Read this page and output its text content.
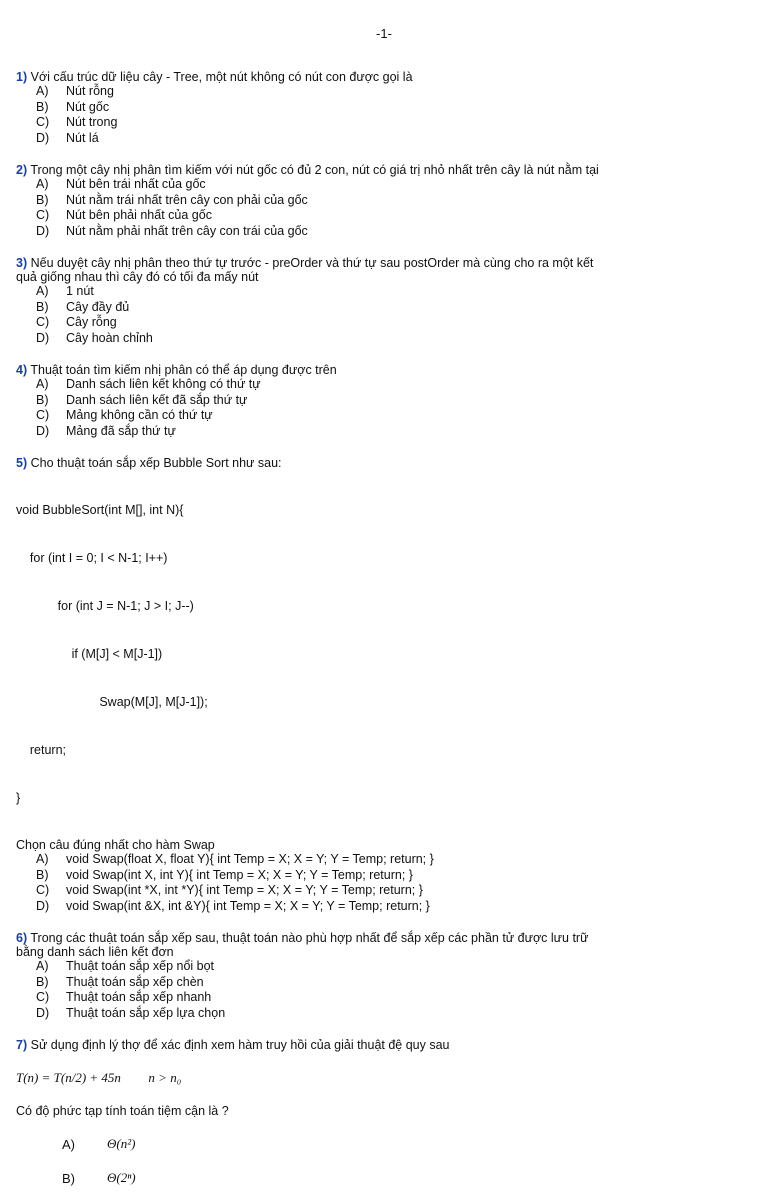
-1-
1) Với cấu trúc dữ liệu cây - Tree, một nút không có nút con được gọi là
A) Nút rỗng
B) Nút gốc
C) Nút trong
D) Nút lá
2) Trong một cây nhị phân tìm kiếm với nút gốc có đủ 2 con, nút có giá trị nhỏ nhất trên cây là nút nằm tại
A) Nút bên trái nhất của gốc
B) Nút nằm trái nhất trên cây con phải của gốc
C) Nút bên phải nhất của gốc
D) Nút nằm phải nhất trên cây con trái của gốc
3) Nếu duyệt cây nhị phân theo thứ tự trước - preOrder và thứ tự sau postOrder mà cùng cho ra một kết
quả giống nhau thì cây đó có tối đa mấy nút
A) 1 nút
B) Cây đầy đủ
C) Cây rỗng
D) Cây hoàn chỉnh
4) Thuật toán tìm kiếm nhị phân có thể áp dụng được trên
A) Danh sách liên kết không có thứ tự
B) Danh sách liên kết đã sắp thứ tự
C) Mảng không cần có thứ tự
D) Mảng đã sắp thứ tự
5) Cho thuật toán sắp xếp Bubble Sort như sau:

void BubbleSort(int M[], int N){

for (int I = 0; I < N-1; I++)

for (int J = N-1; J > I; J--)

if (M[J] < M[J-1])

Swap(M[J], M[J-1]);

return;

}

Chọn câu đúng nhất cho hàm Swap
A) void Swap(float X, float Y){ int Temp = X; X = Y; Y = Temp; return; }
B) void Swap(int X, int Y){ int Temp = X; X = Y; Y = Temp; return; }
C) void Swap(int *X, int *Y){ int Temp = X; X = Y; Y = Temp; return; }
D) void Swap(int &X, int &Y){ int Temp = X; X = Y; Y = Temp; return; }
6) Trong các thuật toán sắp xếp sau, thuật toán nào phù hợp nhất để sắp xếp các phần tử được lưu trữ
bằng danh sách liên kết đơn
A) Thuật toán sắp xếp nổi bọt
B) Thuật toán sắp xếp chèn
C) Thuật toán sắp xếp nhanh
D) Thuật toán sắp xếp lựa chọn
7) Sử dụng định lý thợ để xác định xem hàm truy hồi của giải thuật đệ quy sau
T(n) = T(n/2) + 45n n > n₀
Có độ phức tạp tính toán tiệm cận là ?
A)	Θ(n²)
B)	Θ(2ⁿ)
